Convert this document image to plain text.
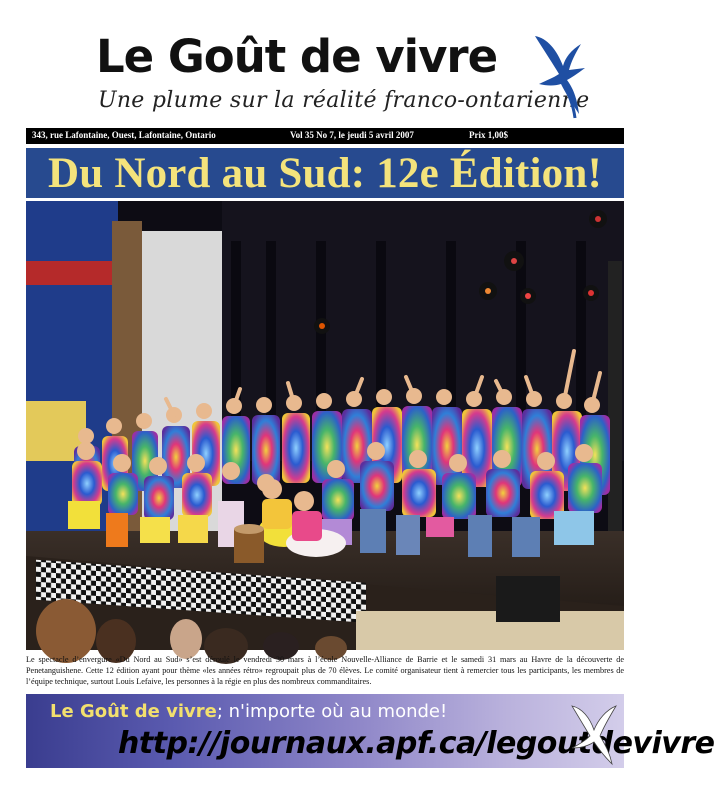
Le Goût de vivre
Une plume sur la réalité franco-ontarienne
343, rue Lafontaine, Ouest, Lafontaine, Ontario	Vol 35 No 7, le jeudi 5 avril 2007	Prix 1,00$
Du Nord au Sud: 12e Édition!
Le spectacle d’envergure «Du Nord au Sud» s’est déroulé le vendredi 30 mars à l’école Nouvelle-Alliance de Barrie et le samedi 31 mars au Havre de la découverte de Penetanguishene. Cette 12 édition ayant pour thème «les années rétro» regroupait plus de 70 élèves. Le comité organisateur tient à remercier tous les participants, les membres de l’équipe technique, surtout Louis Lefaive, les personnes à la régie en plus des nombreux commanditaires.
Le Goût de vivre; n'importe où au monde!
http://journaux.apf.ca/legoutdevivre
